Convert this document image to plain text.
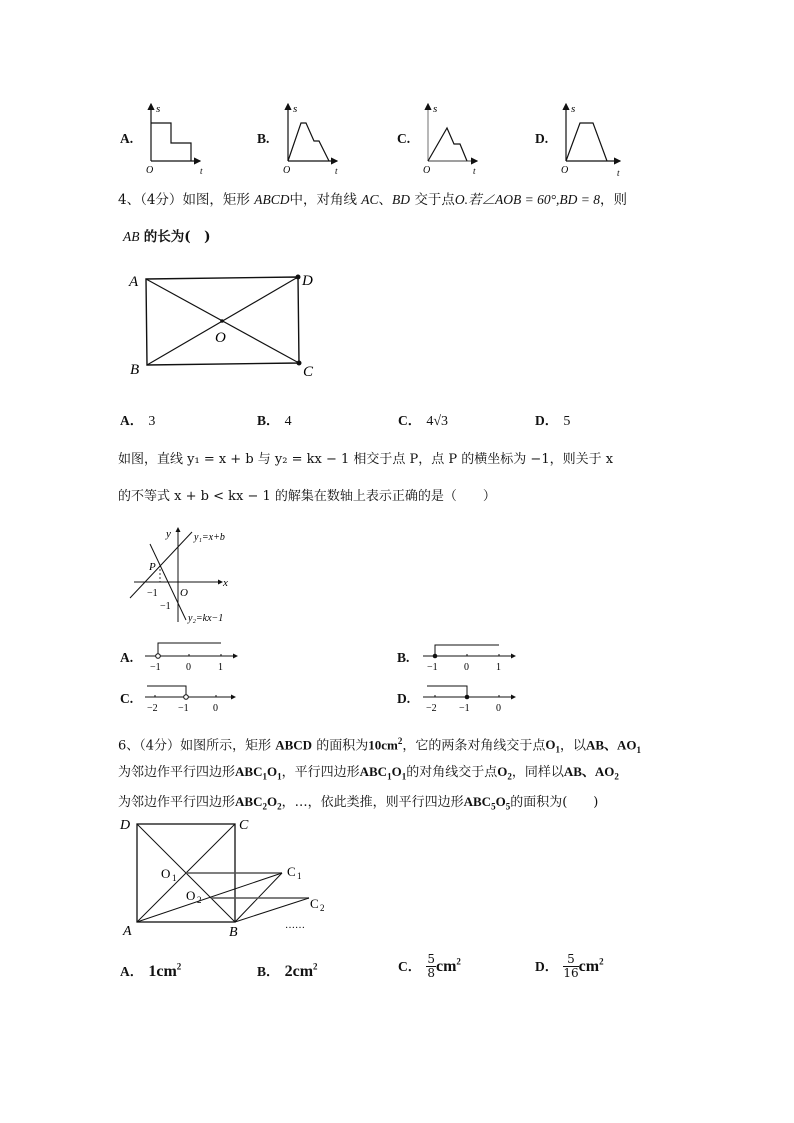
A.
s
O	t
B.
s
O	t
C.
s
O	t
D.
s
O	t
4、（4分）如图，矩形 ABCD中，对角线 AC、BD 交于点O.若∠AOB = 60°,BD = 8，则
AB 的长为(　)
A	D
O
B	C
A． 3	B． 4	C． 4√3	D． 5
如图，直线 y₁ = x + b 与 y₂ = kx − 1 相交于点 P，点 P 的横坐标为 −1，则关于 x
的不等式 x + b < kx − 1 的解集在数轴上表示正确的是（　　）
y y₁=x+b
P
x
−1 O
−1
y₂=kx−1
A.
−1	0	1
B.
−1	0	1
C.
−2 −1 0
D.
−2 −1	0
6、（4分）如图所示，矩形 ABCD 的面积为$10cm^2$，它的两条对角线交于点$O_1$，以AB、$AO_1$
为邻边作平行四边形$ABC_1O_1$，平行四边形$ABC_1O_1$的对角线交于点$O_2$，同样以AB、$AO_2$
为邻边作平行四边形$ABC_2O_2$，…，依此类推，则平行四边形$ABC_5O_5$的面积为(　　)
D	C
O 1
O 2
C 1
C 2
A	B	……
A． $1cm^2$	B． $2cm^2$	C． $\frac{5}{8} cm^2$	D． $\frac{5}{16} cm^2$
